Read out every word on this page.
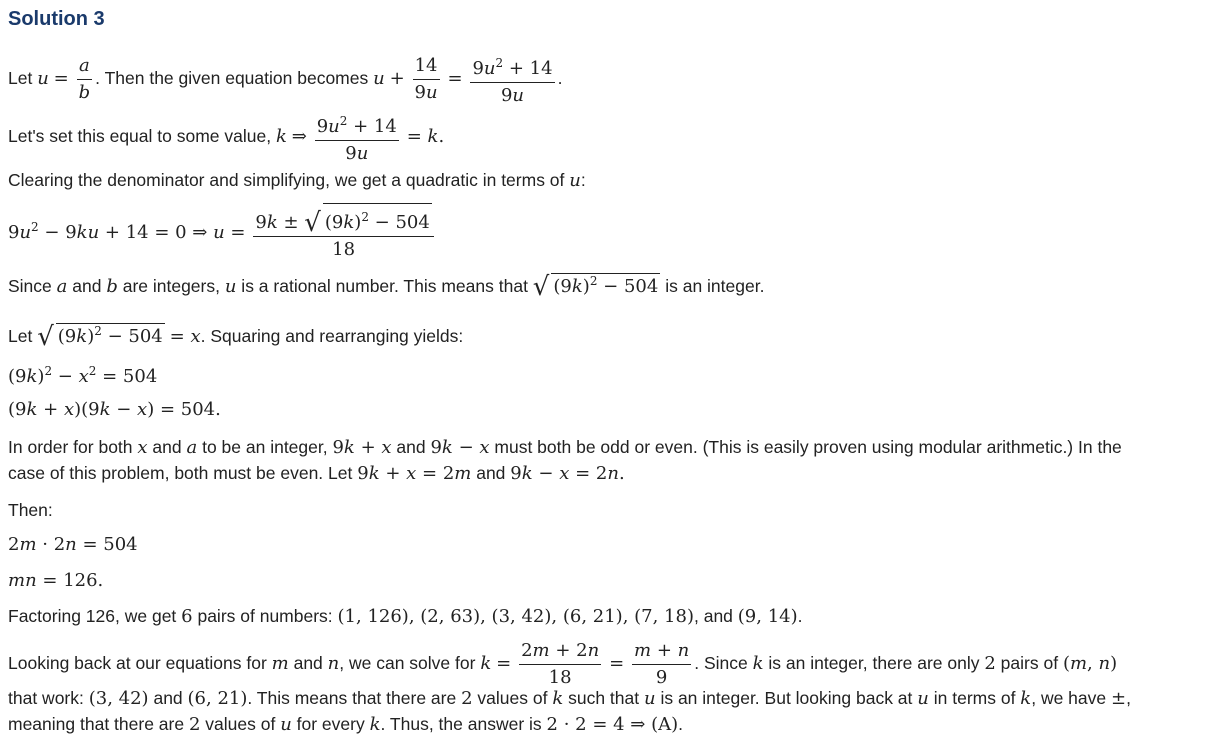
Solution 3
Let $u = \frac{a}{b}$ . Then the given equation becomes $u + \frac{14}{9u} = \frac{9u^2 + 14}{9u}$ .
Let's set this equal to some value, k ⇒ $\frac{9u^2 + 14}{9u} = k$.
Clearing the denominator and simplifying, we get a quadratic in terms of u:
$9u^2 - 9ku + 14 = 0$ ⇒ $u = \frac{9k \pm √ (9k)^2 - 504}{18}$
Since a and b are integers, u is a rational number. This means that √ $(9k)^2 - 504$ is an integer.
Let √ $(9k)^2 - 504 = x$. Squaring and rearranging yields:
$(9k)^2 - x^2 = 504$
(9k + x)(9k − x) = 504.
In order for both x and a to be an integer, 9k + x and 9k − x must both be odd or even. (This is easily proven using modular arithmetic.) In the
case of this problem, both must be even. Let 9k + x = 2m and 9k − x = 2n.
Then:
2m · 2n = 504
mn = 126.
Factoring 126, we get 6 pairs of numbers: (1, 126), (2, 63), (3, 42), (6, 21), (7, 18), and (9, 14).
Looking back at our equations for m and n, we can solve for $k = \frac{2m + 2n}{18} = \frac{m + n}{9}$ . Since k is an integer, there are only 2 pairs of (m, n)
that work: (3, 42) and (6, 21). This means that there are 2 values of k such that u is an integer. But looking back at u in terms of k, we have ±,
meaning that there are 2 values of u for every k. Thus, the answer is 2 · 2 = 4 ⇒ (A).
